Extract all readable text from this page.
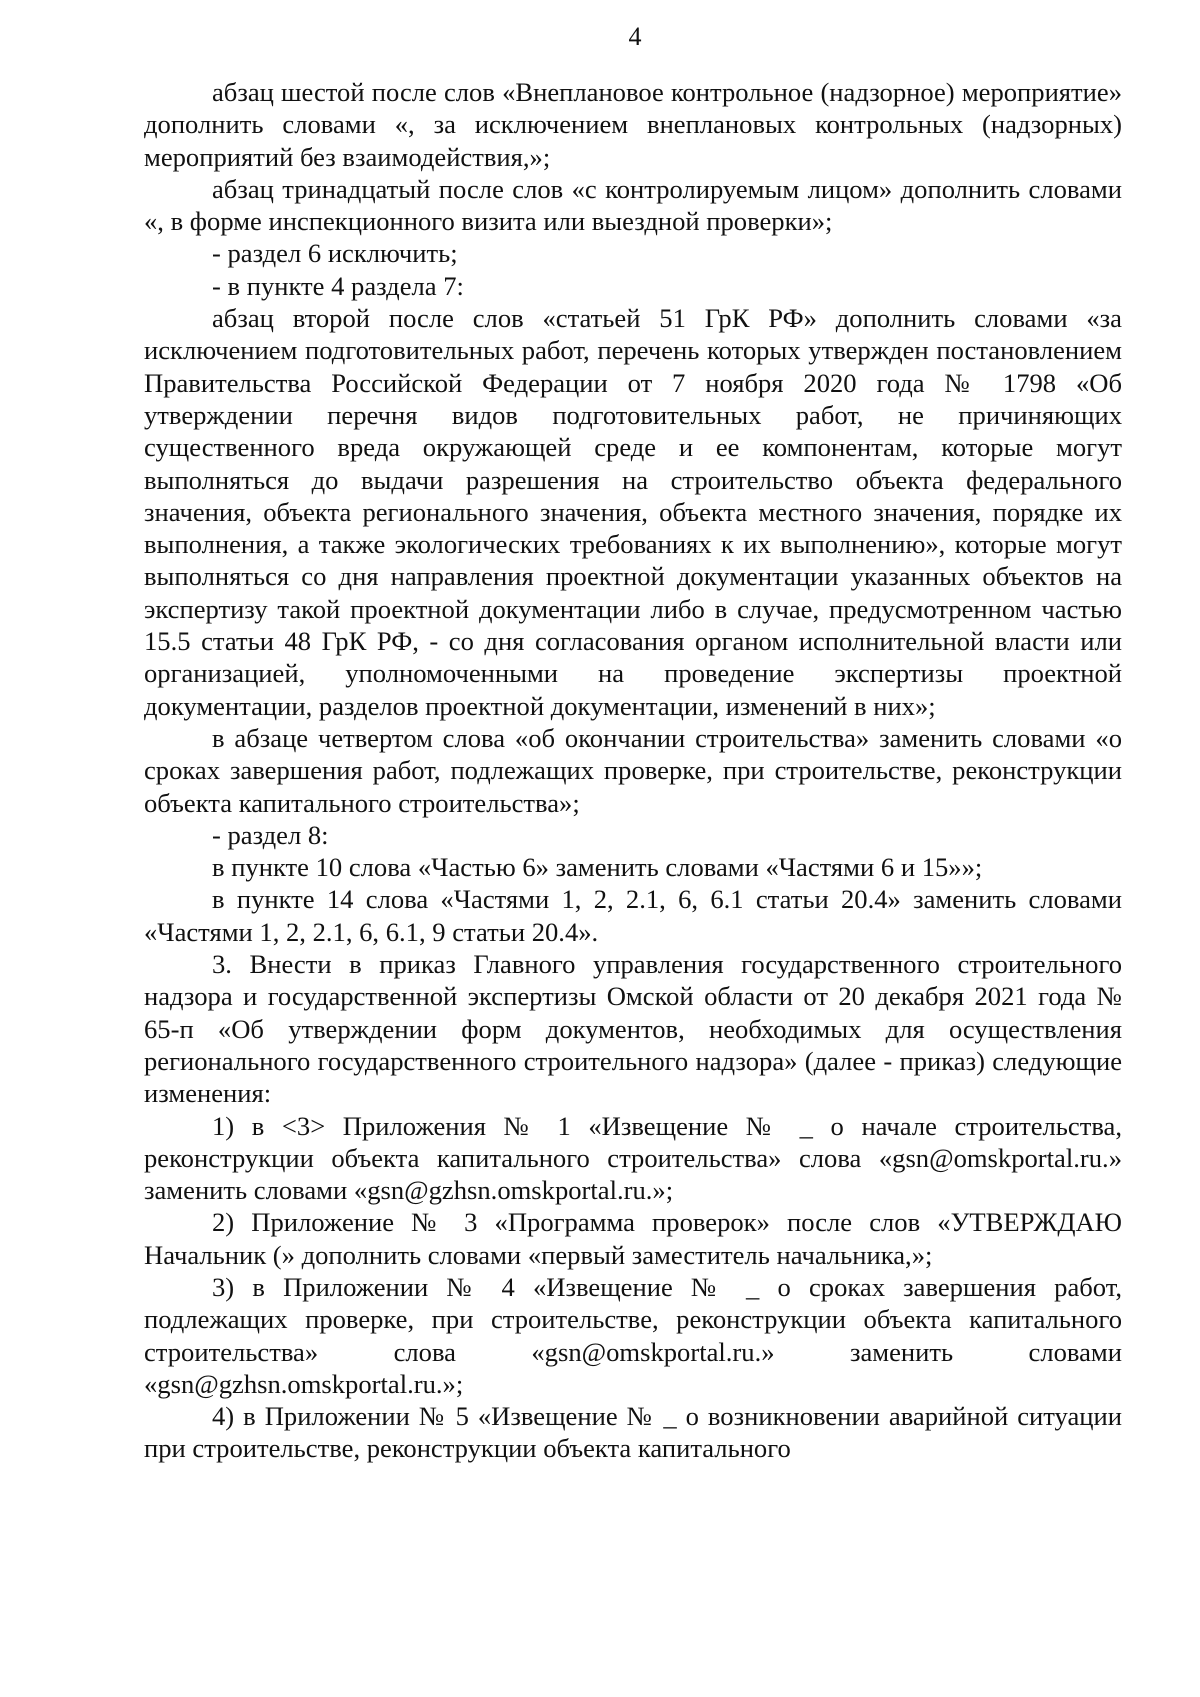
4

абзац шестой после слов «Внеплановое контрольное (надзорное) мероприятие» дополнить словами «, за исключением внеплановых контрольных (надзорных) мероприятий без взаимодействия,»;

абзац тринадцатый после слов «с контролируемым лицом» дополнить словами «, в форме инспекционного визита или выездной проверки»;

- раздел 6 исключить;

- в пункте 4 раздела 7:

абзац второй после слов «статьей 51 ГрК РФ» дополнить словами «за исключением подготовительных работ, перечень которых утвержден постановлением Правительства Российской Федерации от 7 ноября 2020 года № 1798 «Об утверждении перечня видов подготовительных работ, не причиняющих существенного вреда окружающей среде и ее компонентам, которые могут выполняться до выдачи разрешения на строительство объекта федерального значения, объекта регионального значения, объекта местного значения, порядке их выполнения, а также экологических требованиях к их выполнению», которые могут выполняться со дня направления проектной документации указанных объектов на экспертизу такой проектной документации либо в случае, предусмотренном частью 15.5 статьи 48 ГрК РФ, - со дня согласования органом исполнительной власти или организацией, уполномоченными на проведение экспертизы проектной документации, разделов проектной документации, изменений в них»;

в абзаце четвертом слова «об окончании строительства» заменить словами «о сроках завершения работ, подлежащих проверке, при строительстве, реконструкции объекта капитального строительства»;

- раздел 8:

в пункте 10 слова «Частью 6» заменить словами «Частями 6 и 15»»;

в пункте 14 слова «Частями 1, 2, 2.1, 6, 6.1 статьи 20.4» заменить словами «Частями 1, 2, 2.1, 6, 6.1, 9 статьи 20.4».

3. Внести в приказ Главного управления государственного строительного надзора и государственной экспертизы Омской области от 20 декабря 2021 года № 65-п «Об утверждении форм документов, необходимых для осуществления регионального государственного строительного надзора» (далее - приказ) следующие изменения:

1) в <3> Приложения № 1 «Извещение № _ о начале строительства, реконструкции объекта капитального строительства» слова «gsn@omskportal.ru.» заменить словами «gsn@gzhsn.omskportal.ru.»;

2) Приложение № 3 «Программа проверок» после слов «УТВЕРЖДАЮ Начальник (» дополнить словами «первый заместитель начальника,»;

3) в Приложении № 4 «Извещение № _ о сроках завершения работ, подлежащих проверке, при строительстве, реконструкции объекта капитального строительства» слова «gsn@omskportal.ru.» заменить словами «gsn@gzhsn.omskportal.ru.»;

4) в Приложении № 5 «Извещение № _ о возникновении аварийной ситуации при строительстве, реконструкции объекта капитального
